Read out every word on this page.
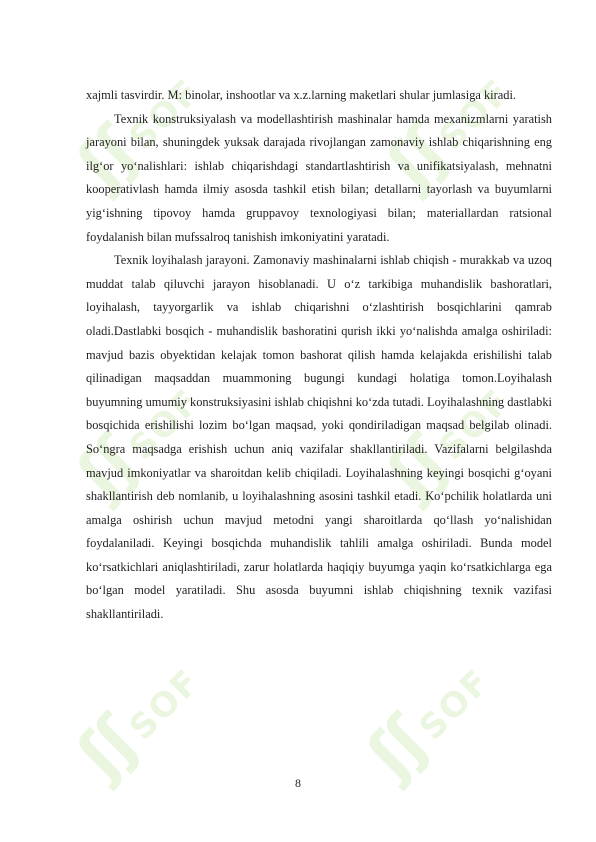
ʃʃ SOF	ʃʃ SOF
ʃʃ SOF	ʃʃ SOF
ʃʃ SOF ʃʃ SOF

xajmli tasvirdir. M: binolar, inshootlar va x.z.larning maketlari shular jumlasiga kiradi.

Texnik konstruksiyalash va modellashtirish mashinalar hamda mexanizmlarni yaratish jarayoni bilan, shuningdek yuksak darajada rivojlangan zamonaviy ishlab chiqarishning eng ilg‘or yo‘nalishlari: ishlab chiqarishdagi standartlashtirish va unifikatsiyalash, mehnatni kooperativlash hamda ilmiy asosda tashkil etish bilan; detallarni tayorlash va buyumlarni yig‘ishning tipovoy hamda gruppavoy texnologiyasi bilan; materiallardan ratsional foydalanish bilan mufssalroq tanishish imkoniyatini yaratadi.

Texnik loyihalash jarayoni. Zamonaviy mashinalarni ishlab chiqish - murakkab va uzoq muddat talab qiluvchi jarayon hisoblanadi. U o‘z tarkibiga muhandislik bashoratlari, loyihalash, tayyorgarlik va ishlab chiqarishni o‘zlashtirish bosqichlarini qamrab oladi.Dastlabki bosqich - muhandislik bashoratini qurish ikki yo‘nalishda amalga oshiriladi: mavjud bazis obyektidan kelajak tomon bashorat qilish hamda kelajakda erishilishi talab qilinadigan maqsaddan muammoning bugungi kundagi holatiga tomon.Loyihalash buyumning umumiy konstruksiyasini ishlab chiqishni ko‘zda tutadi. Loyihalashning dastlabki bosqichida erishilishi lozim bo‘lgan maqsad, yoki qondiriladigan maqsad belgilab olinadi. So‘ngra maqsadga erishish uchun aniq vazifalar shakllantiriladi. Vazifalarni belgilashda mavjud imkoniyatlar va sharoitdan kelib chiqiladi. Loyihalashning keyingi bosqichi g‘oyani shakllantirish deb nomlanib, u loyihalashning asosini tashkil etadi. Ko‘pchilik holatlarda uni amalga oshirish uchun mavjud metodni yangi sharoitlarda qo‘llash yo‘nalishidan foydalaniladi. Keyingi bosqichda muhandislik tahlili amalga oshiriladi. Bunda model ko‘rsatkichlari aniqlashtiriladi, zarur holatlarda haqiqiy buyumga yaqin ko‘rsatkichlarga ega bo‘lgan model yaratiladi. Shu asosda buyumni ishlab chiqishning texnik vazifasi shakllantiriladi.

8
